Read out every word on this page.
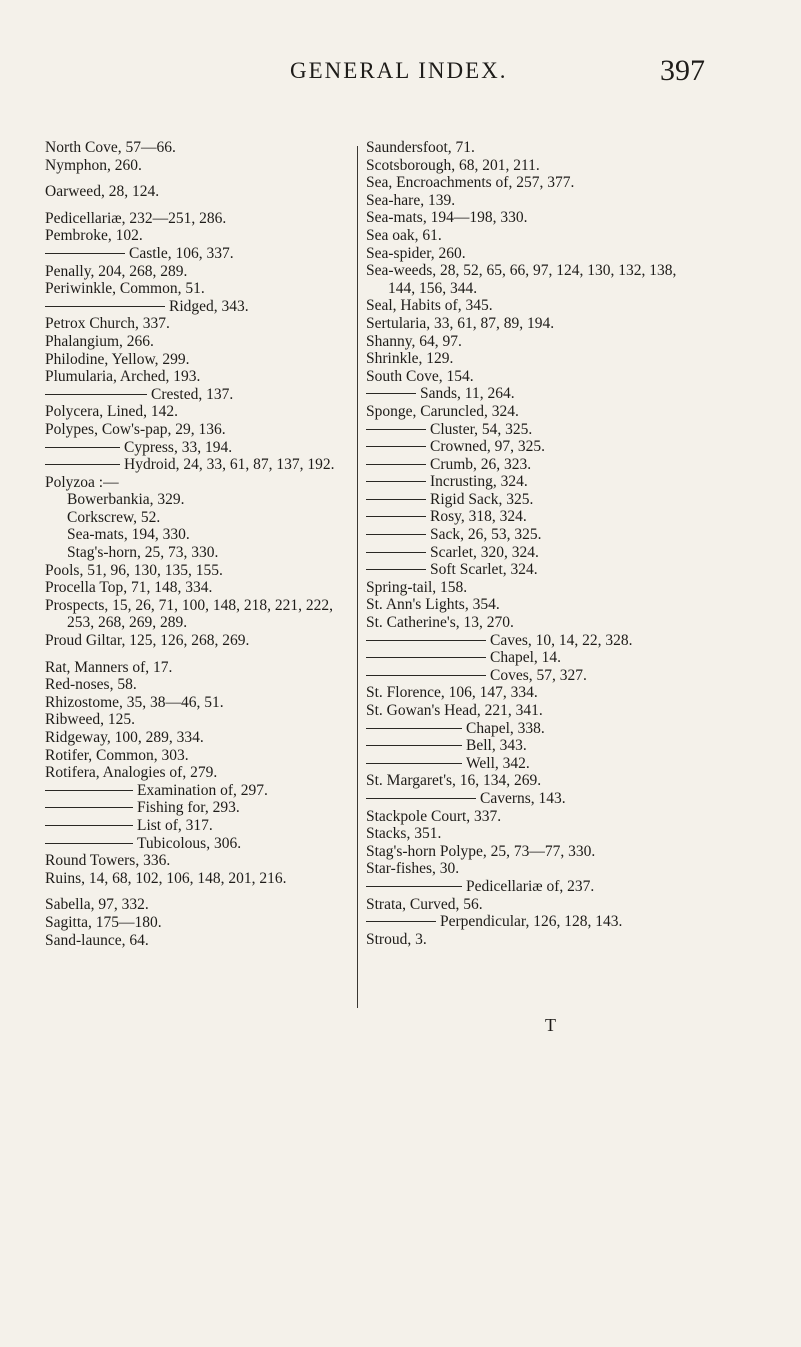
GENERAL INDEX.	397

North Cove, 57—66.

Nymphon, 260.

Oarweed, 28, 124.

Pedicellariæ, 232—251, 286.

Pembroke, 102.

Castle, 106, 337.

Penally, 204, 268, 289.

Periwinkle, Common, 51.

Ridged, 343.

Petrox Church, 337.

Phalangium, 266.

Philodine, Yellow, 299.

Plumularia, Arched, 193.

Crested, 137.

Polycera, Lined, 142.

Polypes, Cow's-pap, 29, 136.

Cypress, 33, 194.

Hydroid, 24, 33, 61, 87, 137, 192.

Polyzoa :—

Bowerbankia, 329.

Corkscrew, 52.

Sea-mats, 194, 330.

Stag's-horn, 25, 73, 330.

Pools, 51, 96, 130, 135, 155.

Procella Top, 71, 148, 334.

Prospects, 15, 26, 71, 100, 148, 218, 221, 222, 253, 268, 269, 289.

Proud Giltar, 125, 126, 268, 269.

Rat, Manners of, 17.

Red-noses, 58.

Rhizostome, 35, 38—46, 51.

Ribweed, 125.

Ridgeway, 100, 289, 334.

Rotifer, Common, 303.

Rotifera, Analogies of, 279.

Examination of, 297.

Fishing for, 293.

List of, 317.

Tubicolous, 306.

Round Towers, 336.

Ruins, 14, 68, 102, 106, 148, 201, 216.

Sabella, 97, 332.

Sagitta, 175—180.

Sand-launce, 64.

Saundersfoot, 71.

Scotsborough, 68, 201, 211.

Sea, Encroachments of, 257, 377.

Sea-hare, 139.

Sea-mats, 194—198, 330.

Sea oak, 61.

Sea-spider, 260.

Sea-weeds, 28, 52, 65, 66, 97, 124, 130, 132, 138, 144, 156, 344.

Seal, Habits of, 345.

Sertularia, 33, 61, 87, 89, 194.

Shanny, 64, 97.

Shrinkle, 129.

South Cove, 154.

Sands, 11, 264.

Sponge, Caruncled, 324.

Cluster, 54, 325.

Crowned, 97, 325.

Crumb, 26, 323.

Incrusting, 324.

Rigid Sack, 325.

Rosy, 318, 324.

Sack, 26, 53, 325.

Scarlet, 320, 324.

Soft Scarlet, 324.

Spring-tail, 158.

St. Ann's Lights, 354.

St. Catherine's, 13, 270.

Caves, 10, 14, 22, 328.

Chapel, 14.

Coves, 57, 327.

St. Florence, 106, 147, 334.

St. Gowan's Head, 221, 341.

Chapel, 338.

Bell, 343.

Well, 342.

St. Margaret's, 16, 134, 269.

Caverns, 143.

Stackpole Court, 337.

Stacks, 351.

Stag's-horn Polype, 25, 73—77, 330.

Star-fishes, 30.

Pedicellariæ of, 237.

Strata, Curved, 56.

Perpendicular, 126, 128, 143.

Stroud, 3.

T
